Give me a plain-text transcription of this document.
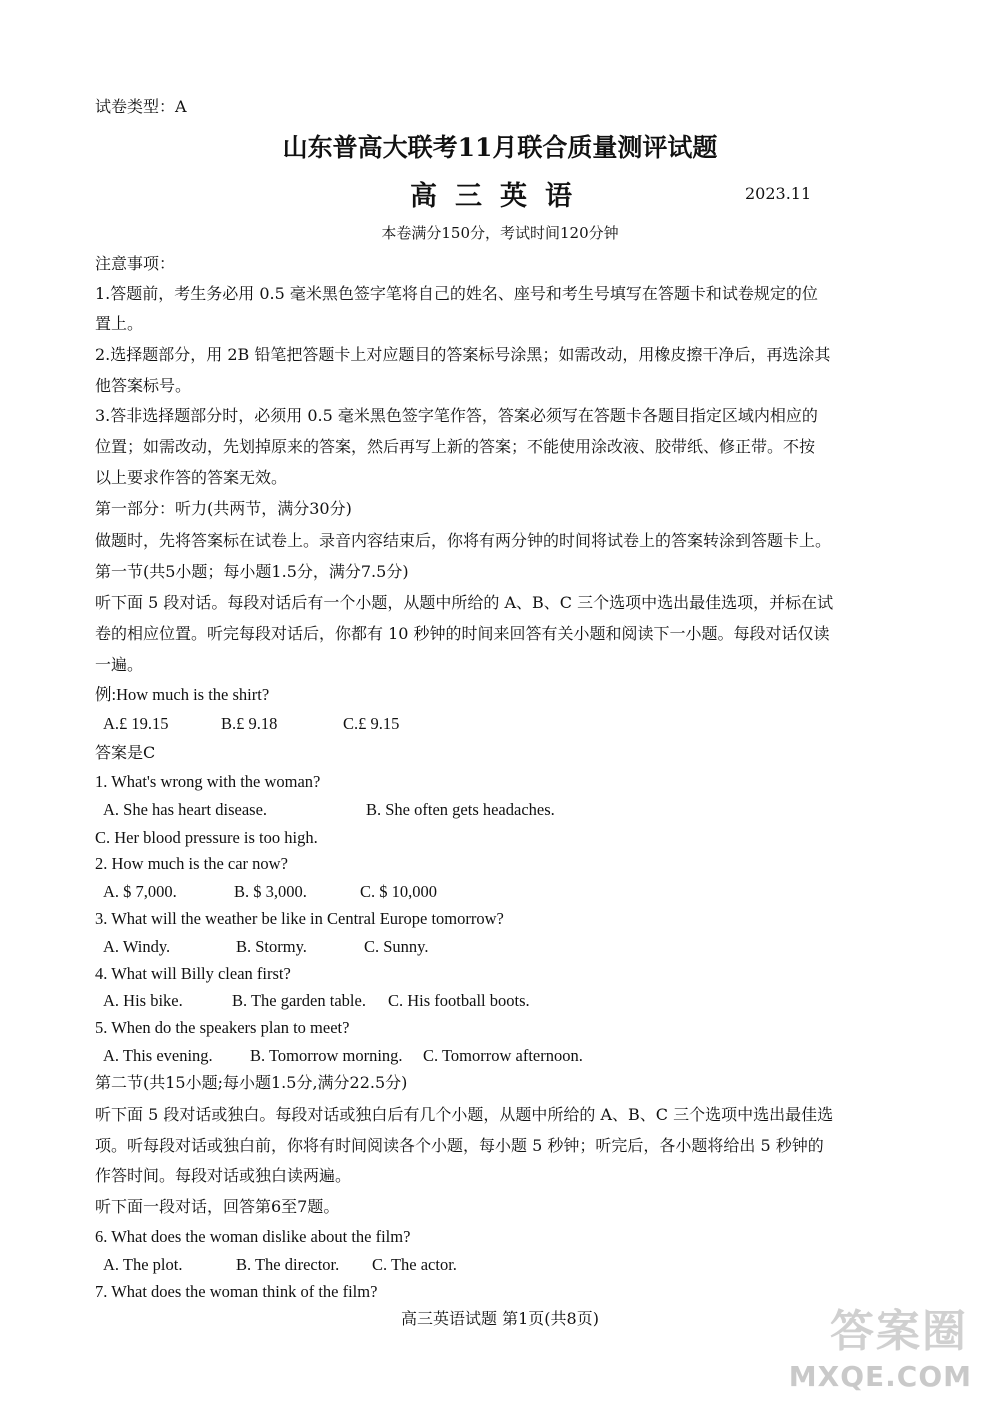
试卷类型：A
山东普高大联考11月联合质量测评试题
高三英语	2023.11
本卷满分150分，考试时间120分钟
注意事项：
1.答题前，考生务必用 0.5 毫米黑色签字笔将自己的姓名、座号和考生号填写在答题卡和试卷规定的位
置上。
2.选择题部分，用 2B 铅笔把答题卡上对应题目的答案标号涂黑；如需改动，用橡皮擦干净后，再选涂其
他答案标号。
3.答非选择题部分时，必须用 0.5 毫米黑色签字笔作答，答案必须写在答题卡各题目指定区域内相应的
位置；如需改动，先划掉原来的答案，然后再写上新的答案；不能使用涂改液、胶带纸、修正带。不按
以上要求作答的答案无效。
第一部分：听力(共两节，满分30分)
做题时，先将答案标在试卷上。录音内容结束后，你将有两分钟的时间将试卷上的答案转涂到答题卡上。
第一节(共5小题；每小题1.5分，满分7.5分)
听下面 5 段对话。每段对话后有一个小题，从题中所给的 A、B、C 三个选项中选出最佳选项，并标在试
卷的相应位置。听完每段对话后，你都有 10 秒钟的时间来回答有关小题和阅读下一小题。每段对话仅读
一遍。
例:How much is the shirt?
A.£ 19.15	B.£ 9.18	C.£ 9.15
答案是C
1. What's wrong with the woman?
A. She has heart disease.	B. She often gets headaches.
C. Her blood pressure is too high.
2. How much is the car now?
A. $ 7,000.	B. $ 3,000.	C. $ 10,000
3. What will the weather be like in Central Europe tomorrow?
A. Windy.	B. Stormy.	C. Sunny.
4. What will Billy clean first?
A. His bike.	B. The garden table. C. His football boots.
5. When do the speakers plan to meet?
A. This evening. B. Tomorrow morning. C. Tomorrow afternoon.
第二节(共15小题;每小题1.5分,满分22.5分)
听下面 5 段对话或独白。每段对话或独白后有几个小题，从题中所给的 A、B、C 三个选项中选出最佳选
项。听每段对话或独白前，你将有时间阅读各个小题，每小题 5 秒钟；听完后，各小题将给出 5 秒钟的
作答时间。每段对话或独白读两遍。
听下面一段对话，回答第6至7题。
6. What does the woman dislike about the film?
A. The plot.	B. The director. C. The actor.
7. What does the woman think of the film?
高三英语试题 第1页(共8页)	答案圈
MXQE.COM
